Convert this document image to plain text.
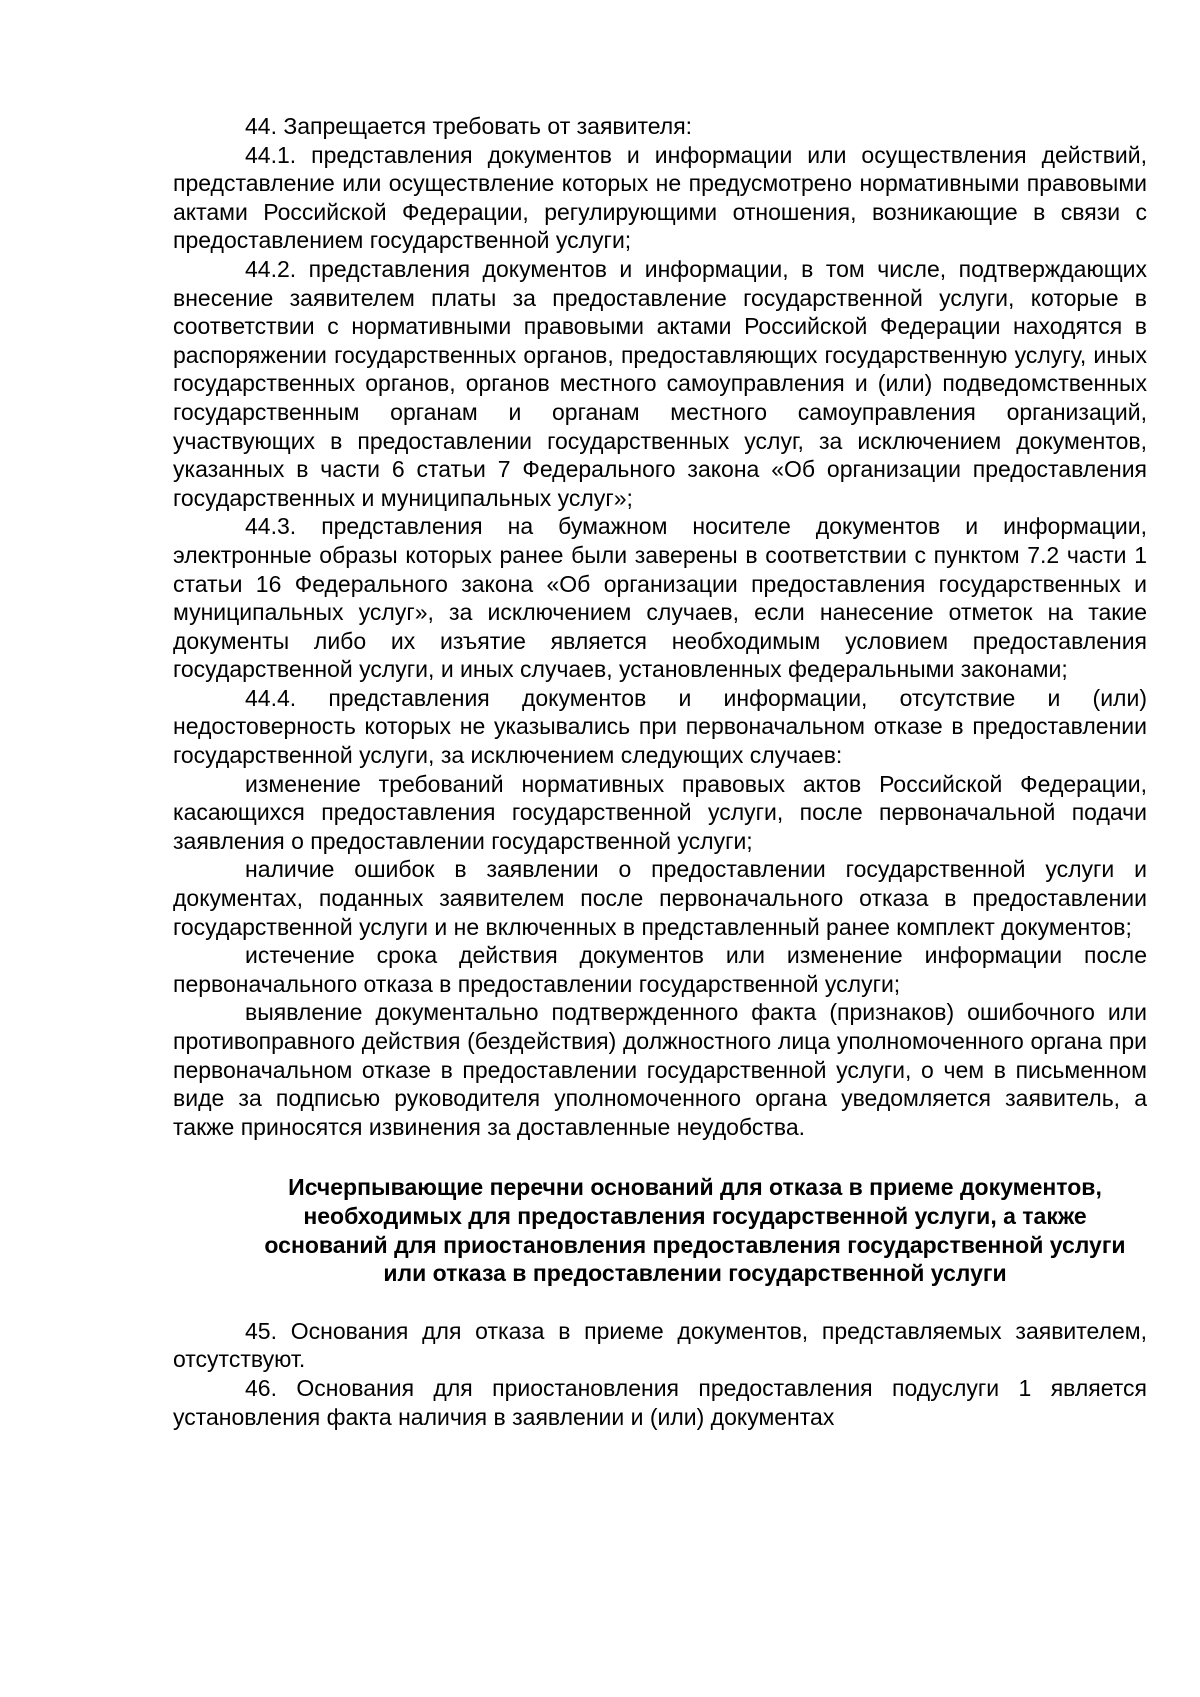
44. Запрещается требовать от заявителя:

44.1. представления документов и информации или осуществления действий, представление или осуществление которых не предусмотрено нормативными правовыми актами Российской Федерации, регулирующими отношения, возникающие в связи с предоставлением государственной услуги;

44.2. представления документов и информации, в том числе, подтверждающих внесение заявителем платы за предоставление государственной услуги, которые в соответствии с нормативными правовыми актами Российской Федерации находятся в распоряжении государственных органов, предоставляющих государственную услугу, иных государственных органов, органов местного самоуправления и (или) подведомственных государственным органам и органам местного самоуправления организаций, участвующих в предоставлении государственных услуг, за исключением документов, указанных в части 6 статьи 7 Федерального закона «Об организации предоставления государственных и муниципальных услуг»;

44.3. представления на бумажном носителе документов и информации, электронные образы которых ранее были заверены в соответствии с пунктом 7.2 части 1 статьи 16 Федерального закона «Об организации предоставления государственных и муниципальных услуг», за исключением случаев, если нанесение отметок на такие документы либо их изъятие является необходимым условием предоставления государственной услуги, и иных случаев, установленных федеральными законами;

44.4. представления документов и информации, отсутствие и (или) недостоверность которых не указывались при первоначальном отказе в предоставлении государственной услуги, за исключением следующих случаев:

изменение требований нормативных правовых актов Российской Федерации, касающихся предоставления государственной услуги, после первоначальной подачи заявления о предоставлении государственной услуги;

наличие ошибок в заявлении о предоставлении государственной услуги и документах, поданных заявителем после первоначального отказа в предоставлении государственной услуги и не включенных в представленный ранее комплект документов;

истечение срока действия документов или изменение информации после первоначального отказа в предоставлении государственной услуги;

выявление документально подтвержденного факта (признаков) ошибочного или противоправного действия (бездействия) должностного лица уполномоченного органа при первоначальном отказе в предоставлении государственной услуги, о чем в письменном виде за подписью руководителя уполномоченного органа уведомляется заявитель, а также приносятся извинения за доставленные неудобства.

Исчерпывающие перечни оснований для отказа в приеме документов, необходимых для предоставления государственной услуги, а также оснований для приостановления предоставления государственной услуги или отказа в предоставлении государственной услуги

45. Основания для отказа в приеме документов, представляемых заявителем, отсутствуют.

46. Основания для приостановления предоставления подуслуги 1 является установления факта наличия в заявлении и (или) документах
